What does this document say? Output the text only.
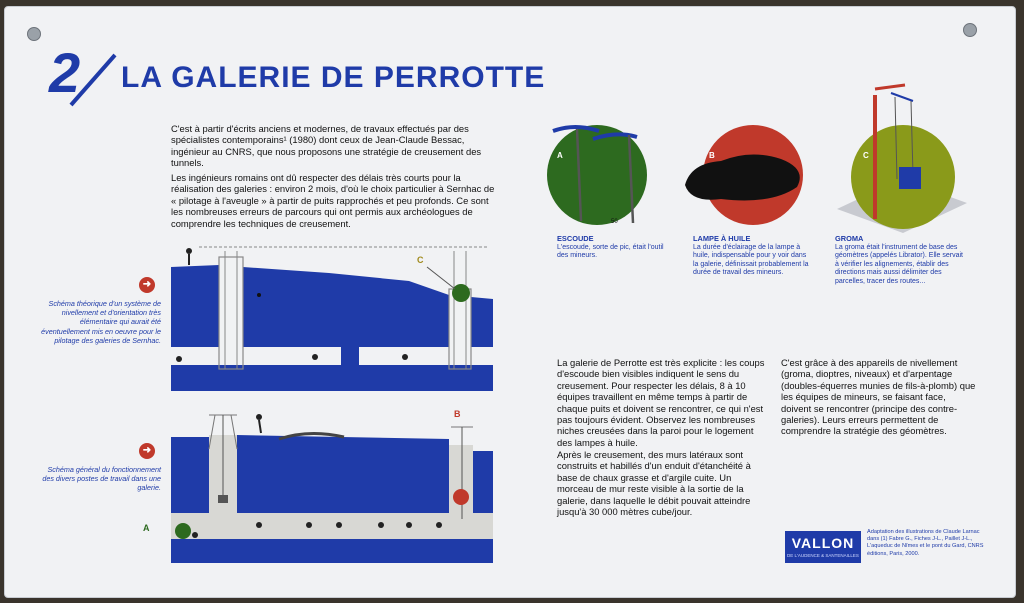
2 LA GALERIE DE PERROTTE
C'est à partir d'écrits anciens et modernes, de travaux effectués par des spécialistes contemporains¹ (1980) dont ceux de Jean-Claude Bessac, ingénieur au CNRS, que nous proposons une stratégie de creusement des tunnels.
Les ingénieurs romains ont dû respecter des délais très courts pour la réalisation des galeries : environ 2 mois, d'où le choix particulier à Sernhac de « pilotage à l'aveugle » à partir de puits rapprochés et peu profonds. Ce sont les nombreuses erreurs de parcours qui ont permis aux archéologues de comprendre les techniques de creusement.
➜
Schéma théorique d'un système de nivellement et d'orientation très élémentaire qui aurait été éventuellement mis en oeuvre pour le pilotage des galeries de Sernhac.
C
➜
Schéma général du fonctionnement des divers postes de travail dans une galerie.
A
B
A
50
B	C
ESCOUDE
L'escoude, sorte de pic, était l'outil des mineurs.
LAMPE À HUILE
La durée d'éclairage de la lampe à huile, indispensable pour y voir dans la galerie, définissait probablement la durée de travail des mineurs.
GROMA
La groma était l'instrument de base des géomètres (appelés Librator). Elle servait à vérifier les alignements, établir des directions mais aussi délimiter des parcelles, tracer des routes...
La galerie de Perrotte est très explicite : les coups d'escoude bien visibles indiquent le sens du creusement. Pour respecter les délais, 8 à 10 équipes travaillent en même temps à partir de chaque puits et doivent se rencontrer, ce qui n'est pas toujours évident. Observez les nombreuses niches creusées dans la paroi pour le logement des lampes à huile.
Après le creusement, des murs latéraux sont construits et habillés d'un enduit d'étanchéité à base de chaux grasse et d'argile cuite. Un morceau de mur reste visible à la sortie de la galerie, dans laquelle le débit pouvait atteindre jusqu'à 30 000 mètres cube/jour.
C'est grâce à des appareils de nivellement (groma, dioptres, niveaux) et d'arpentage (doubles-équerres munies de fils-à-plomb) que les équipes de mineurs, se faisant face, doivent se rencontrer (principe des contre-galeries). Leurs erreurs permettent de comprendre la stratégie des géomètres.
VALLON
DE L'AUDENCE & SANTENAILLES
Adaptation des illustrations de Claude Larnac dans (1) Fabre G., Fiches J-L., Paillet J-L., L'aqueduc de Nîmes et le pont du Gard, CNRS éditions, Paris, 2000.
